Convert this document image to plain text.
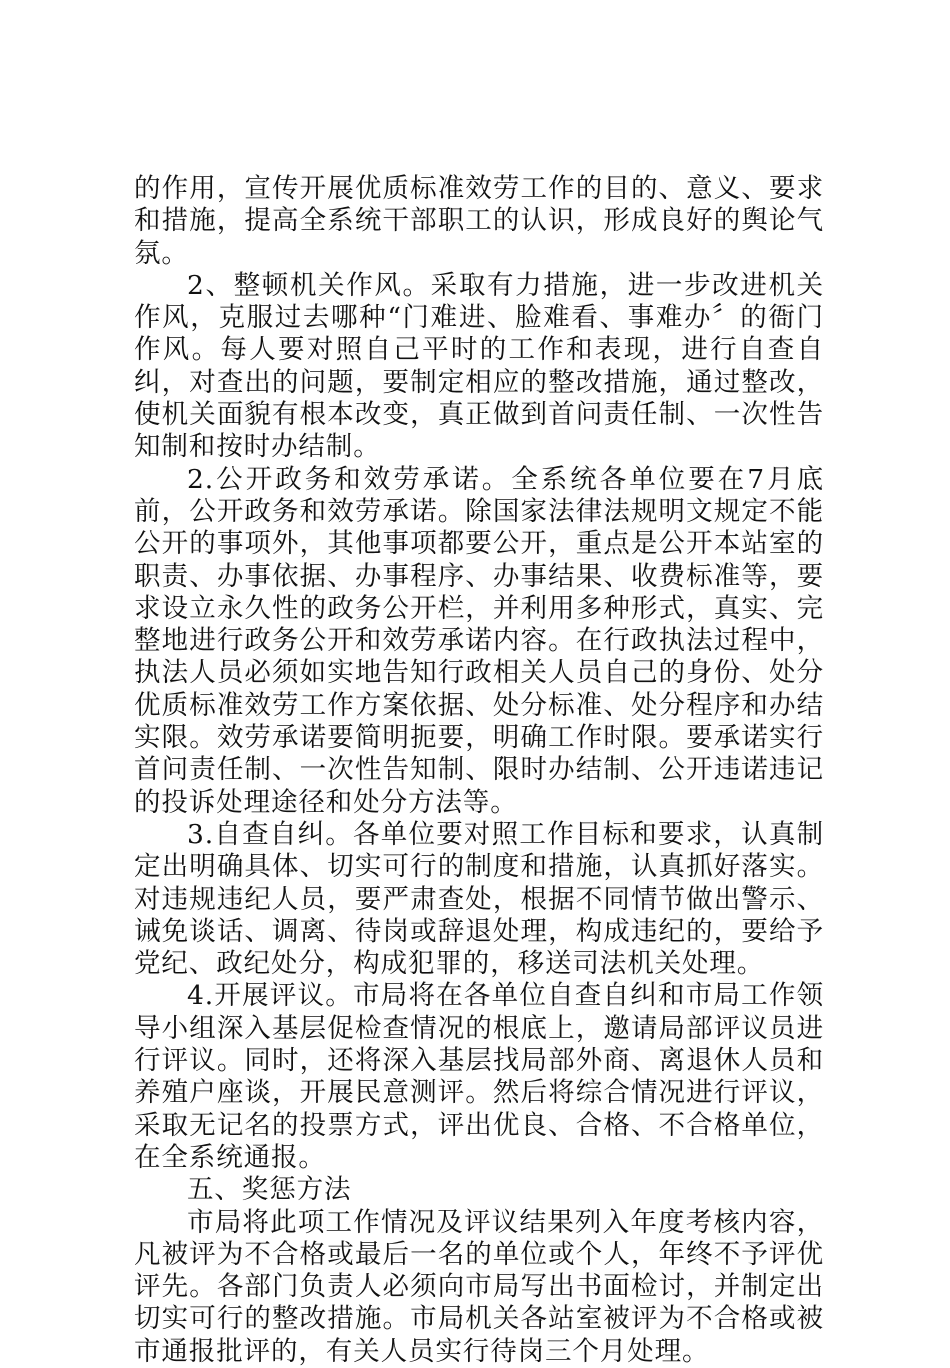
的作用，宣传开展优质标准效劳工作的目的、意义、要求和措施，提高全系统干部职工的认识，形成良好的舆论气氛。

2、整顿机关作风。采取有力措施，进一步改进机关作风，克服过去哪种“门难进、脸难看、事难办〞的衙门作风。每人要对照自己平时的工作和表现，进行自查自纠，对查出的问题，要制定相应的整改措施，通过整改，使机关面貌有根本改变，真正做到首问责任制、一次性告知制和按时办结制。

2.公开政务和效劳承诺。全系统各单位要在7月底前，公开政务和效劳承诺。除国家法律法规明文规定不能公开的事项外，其他事项都要公开，重点是公开本站室的职责、办事依据、办事程序、办事结果、收费标准等，要求设立永久性的政务公开栏，并利用多种形式，真实、完整地进行政务公开和效劳承诺内容。在行政执法过程中，执法人员必须如实地告知行政相关人员自己的身份、处分优质标准效劳工作方案依据、处分标准、处分程序和办结实限。效劳承诺要简明扼要，明确工作时限。要承诺实行首问责任制、一次性告知制、限时办结制、公开违诺违记的投诉处理途径和处分方法等。

3.自查自纠。各单位要对照工作目标和要求，认真制定出明确具体、切实可行的制度和措施，认真抓好落实。对违规违纪人员，要严肃查处，根据不同情节做出警示、诫免谈话、调离、待岗或辞退处理，构成违纪的，要给予党纪、政纪处分，构成犯罪的，移送司法机关处理。

4.开展评议。市局将在各单位自查自纠和市局工作领导小组深入基层促检查情况的根底上，邀请局部评议员进行评议。同时，还将深入基层找局部外商、离退休人员和养殖户座谈，开展民意测评。然后将综合情况进行评议，采取无记名的投票方式，评出优良、合格、不合格单位，在全系统通报。

五、奖惩方法

市局将此项工作情况及评议结果列入年度考核内容，凡被评为不合格或最后一名的单位或个人，年终不予评优评先。各部门负责人必须向市局写出书面检讨，并制定出切实可行的整改措施。市局机关各站室被评为不合格或被市通报批评的，有关人员实行待岗三个月处理。
